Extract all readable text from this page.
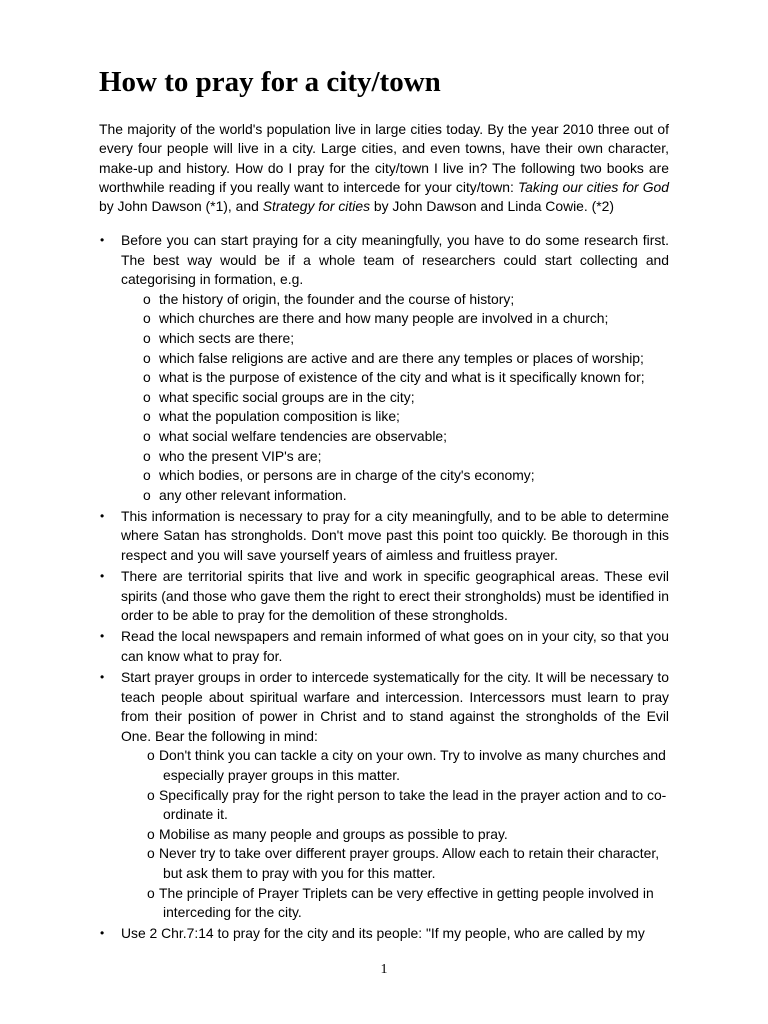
How to pray for a city/town

The majority of the world's population live in large cities today. By the year 2010 three out of every four people will live in a city. Large cities, and even towns, have their own character, make-up and history. How do I pray for the city/town I live in? The following two books are worthwhile reading if you really want to intercede for your city/town: Taking our cities for God by John Dawson (*1), and Strategy for cities by John Dawson and Linda Cowie. (*2)

• Before you can start praying for a city meaningfully, you have to do some research first. The best way would be if a whole team of researchers could start collecting and categorising in formation, e.g.
o the history of origin, the founder and the course of history;
o which churches are there and how many people are involved in a church;
o which sects are there;
o which false religions are active and are there any temples or places of worship;
o what is the purpose of existence of the city and what is it specifically known for;
o what specific social groups are in the city;
o what the population composition is like;
o what social welfare tendencies are observable;
o who the present VIP's are;
o which bodies, or persons are in charge of the city's economy;
o any other relevant information.
• This information is necessary to pray for a city meaningfully, and to be able to determine where Satan has strongholds. Don't move past this point too quickly. Be thorough in this respect and you will save yourself years of aimless and fruitless prayer.
• There are territorial spirits that live and work in specific geographical areas. These evil spirits (and those who gave them the right to erect their strongholds) must be identified in order to be able to pray for the demolition of these strongholds.
• Read the local newspapers and remain informed of what goes on in your city, so that you can know what to pray for.
• Start prayer groups in order to intercede systematically for the city. It will be necessary to teach people about spiritual warfare and intercession. Intercessors must learn to pray from their position of power in Christ and to stand against the strongholds of the Evil One. Bear the following in mind:
o Don't think you can tackle a city on your own. Try to involve as many churches and especially prayer groups in this matter.
o Specifically pray for the right person to take the lead in the prayer action and to co-ordinate it.
o Mobilise as many people and groups as possible to pray.
o Never try to take over different prayer groups. Allow each to retain their character, but ask them to pray with you for this matter.
o The principle of Prayer Triplets can be very effective in getting people involved in interceding for the city.
• Use 2 Chr.7:14 to pray for the city and its people: "If my people, who are called by my
1
